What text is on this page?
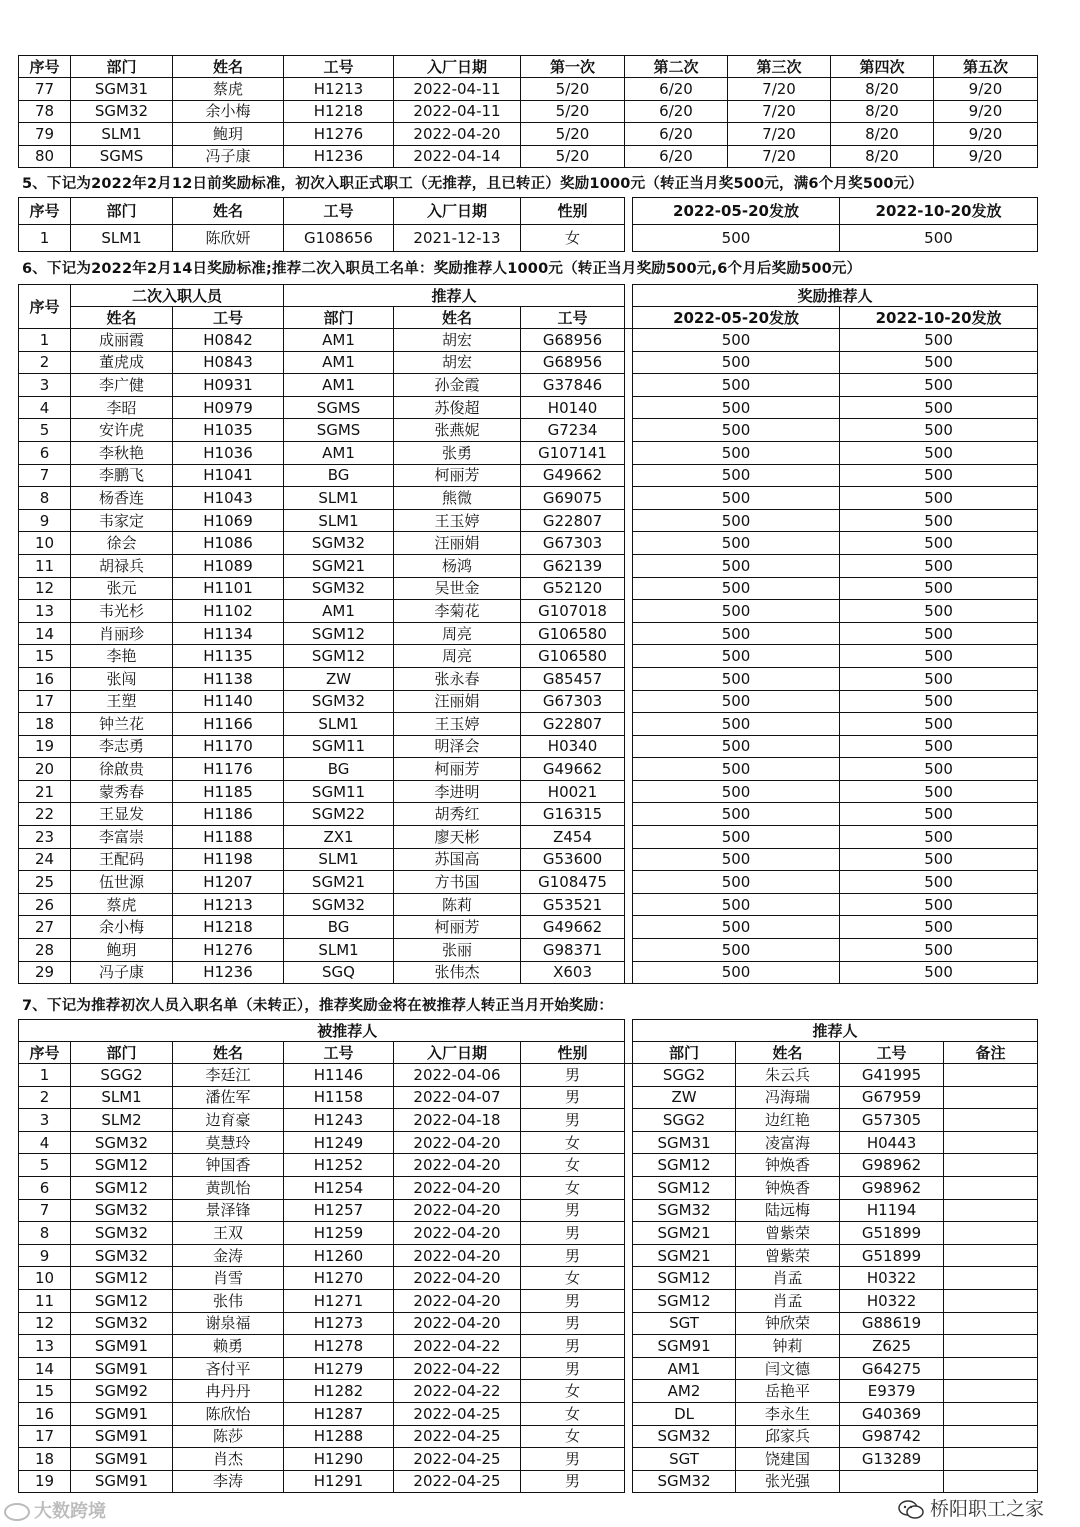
序号	部门	姓名	工号	入厂日期	第一次	第二次	第三次	第四次	第五次
77	SGM31	蔡虎	H1213	2022-04-11	5/20	6/20	7/20	8/20	9/20
78	SGM32	余小梅	H1218	2022-04-11	5/20	6/20	7/20	8/20	9/20
79	SLM1	鲍玥	H1276	2022-04-20	5/20	6/20	7/20	8/20	9/20
80	SGMS	冯子康	H1236	2022-04-14	5/20	6/20	7/20	8/20	9/20
5、下记为2022年2月12日前奖励标准，初次入职正式职工（无推荐，且已转正）奖励1000元（转正当月奖500元，满6个月奖500元）
序号	部门	姓名	工号	入厂日期	性别		2022-05-20发放	2022-10-20发放
1	SLM1	陈欣妍	G108656	2021-12-13	女		500	500
6、下记为2022年2月14日奖励标准;推荐二次入职员工名单：奖励推荐人1000元（转正当月奖励500元,6个月后奖励500元）
序号	二次入职人员		推荐人				奖励推荐人	
	姓名	工号	部门	姓名	工号		2022-05-20发放	2022-10-20发放
1	成丽霞	H0842	AM1	胡宏	G68956		500	500
2	董虎成	H0843	AM1	胡宏	G68956		500	500
3	李广健	H0931	AM1	孙金霞	G37846		500	500
4	李昭	H0979	SGMS	苏俊超	H0140		500	500
5	安许虎	H1035	SGMS	张燕妮	G7234		500	500
6	李秋艳	H1036	AM1	张勇	G107141		500	500
7	李鹏飞	H1041	BG	柯丽芳	G49662		500	500
8	杨香连	H1043	SLM1	熊微	G69075		500	500
9	韦家定	H1069	SLM1	王玉婷	G22807		500	500
10	徐会	H1086	SGM32	汪丽娟	G67303		500	500
11	胡禄兵	H1089	SGM21	杨鸿	G62139		500	500
12	张元	H1101	SGM32	吴世金	G52120		500	500
13	韦光杉	H1102	AM1	李菊花	G107018		500	500
14	肖丽珍	H1134	SGM12	周亮	G106580		500	500
15	李艳	H1135	SGM12	周亮	G106580		500	500
16	张闯	H1138	ZW	张永春	G85457		500	500
17	王塑	H1140	SGM32	汪丽娟	G67303		500	500
18	钟兰花	H1166	SLM1	王玉婷	G22807		500	500
19	李志勇	H1170	SGM11	明泽会	H0340		500	500
20	徐啟贵	H1176	BG	柯丽芳	G49662		500	500
21	蒙秀春	H1185	SGM11	李进明	H0021		500	500
22	王显发	H1186	SGM22	胡秀红	G16315		500	500
23	李富崇	H1188	ZX1	廖天彬	Z454		500	500
24	王配码	H1198	SLM1	苏国高	G53600		500	500
25	伍世源	H1207	SGM21	方书国	G108475		500	500
26	蔡虎	H1213	SGM32	陈莉	G53521		500	500
27	余小梅	H1218	BG	柯丽芳	G49662		500	500
28	鲍玥	H1276	SLM1	张丽	G98371		500	500
29	冯子康	H1236	SGQ	张伟杰	X603		500	500
7、下记为推荐初次人员入职名单（未转正），推荐奖励金将在被推荐人转正当月开始奖励：
	被推荐人						推荐人			
序号	部门	姓名	工号	入厂日期	性别		部门	姓名	工号	备注
1	SGG2	李廷江	H1146	2022-04-06	男		SGG2	朱云兵	G41995	
2	SLM1	潘佐军	H1158	2022-04-07	男		ZW	冯海瑞	G67959	
3	SLM2	边育豪	H1243	2022-04-18	男		SGG2	边红艳	G57305	
4	SGM32	莫慧玲	H1249	2022-04-20	女		SGM31	凌富海	H0443	
5	SGM12	钟国香	H1252	2022-04-20	女		SGM12	钟焕香	G98962	
6	SGM12	黄凯怡	H1254	2022-04-20	女		SGM12	钟焕香	G98962	
7	SGM32	景泽锋	H1257	2022-04-20	男		SGM32	陆远梅	H1194	
8	SGM32	王双	H1259	2022-04-20	男		SGM21	曾紫荣	G51899	
9	SGM32	金涛	H1260	2022-04-20	男		SGM21	曾紫荣	G51899	
10	SGM12	肖雪	H1270	2022-04-20	女		SGM12	肖孟	H0322	
11	SGM12	张伟	H1271	2022-04-20	男		SGM12	肖孟	H0322	
12	SGM32	谢泉福	H1273	2022-04-20	男		SGT	钟欣荣	G88619	
13	SGM91	赖勇	H1278	2022-04-22	男		SGM91	钟莉	Z625	
14	SGM91	吝付平	H1279	2022-04-22	男		AM1	闫文德	G64275	
15	SGM92	冉丹丹	H1282	2022-04-22	女		AM2	岳艳平	E9379	
16	SGM91	陈欣怡	H1287	2022-04-25	女		DL	李永生	G40369	
17	SGM91	陈莎	H1288	2022-04-25	女		SGM32	邱家兵	G98742	
18	SGM91	肖杰	H1290	2022-04-25	男		SGT	饶建国	G13289	
19	SGM91	李涛	H1291	2022-04-25	男		SGM32	张光强		
大数跨境	桥阳职工之家
